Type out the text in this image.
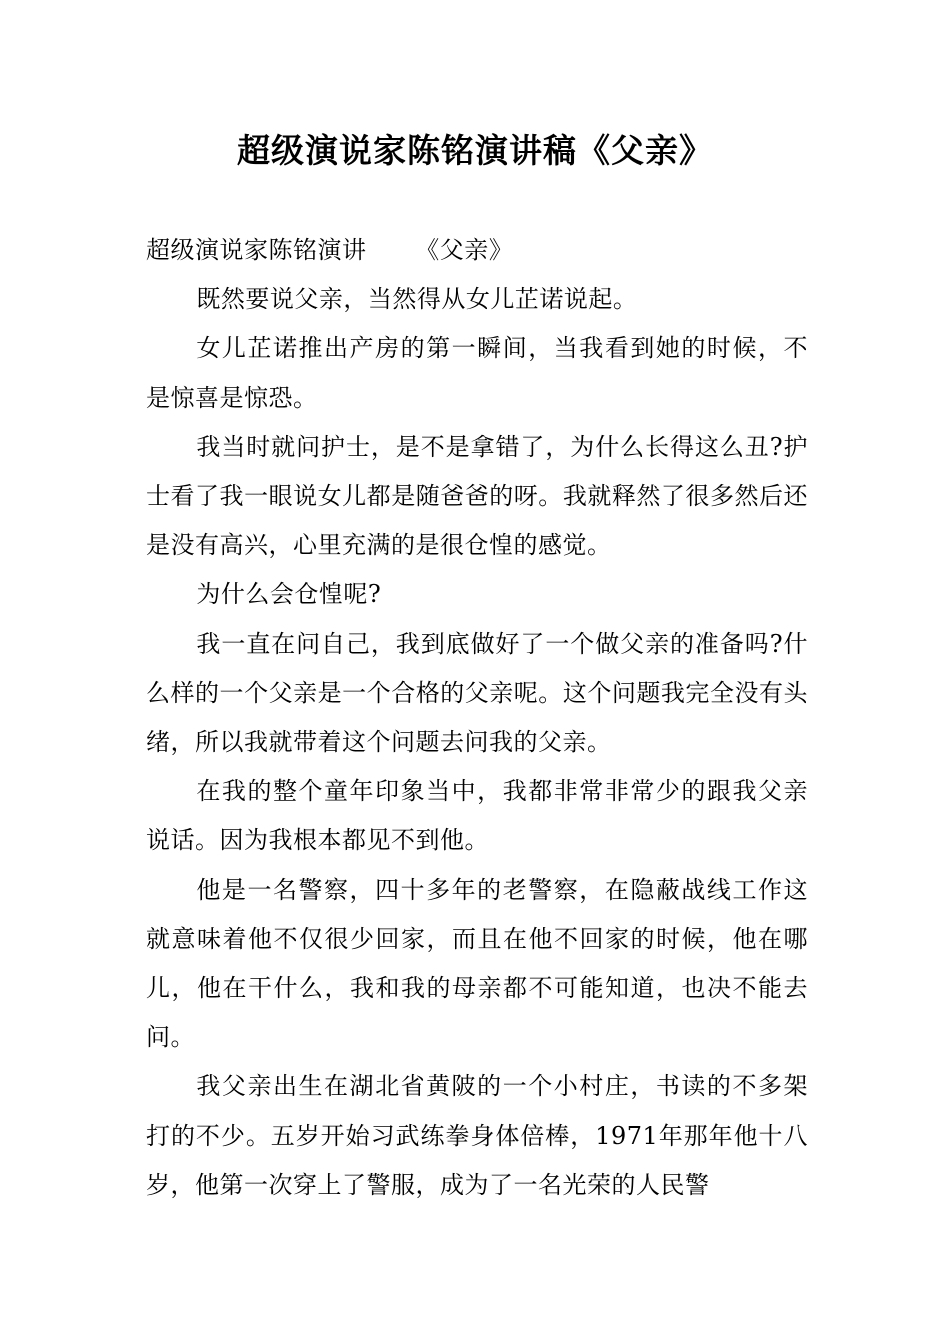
超级演说家陈铭演讲稿《父亲》

超级演说家陈铭演讲      《父亲》

既然要说父亲，当然得从女儿芷诺说起。

女儿芷诺推出产房的第一瞬间，当我看到她的时候，不是惊喜是惊恐。

我当时就问护士，是不是拿错了，为什么长得这么丑?护士看了我一眼说女儿都是随爸爸的呀。我就释然了很多然后还是没有高兴，心里充满的是很仓惶的感觉。

为什么会仓惶呢?

我一直在问自己，我到底做好了一个做父亲的准备吗?什么样的一个父亲是一个合格的父亲呢。这个问题我完全没有头绪，所以我就带着这个问题去问我的父亲。

在我的整个童年印象当中，我都非常非常少的跟我父亲说话。因为我根本都见不到他。

他是一名警察，四十多年的老警察，在隐蔽战线工作这就意味着他不仅很少回家，而且在他不回家的时候，他在哪儿，他在干什么，我和我的母亲都不可能知道，也决不能去问。

我父亲出生在湖北省黄陂的一个小村庄，书读的不多架打的不少。五岁开始习武练拳身体倍棒，1971年那年他十八岁，他第一次穿上了警服，成为了一名光荣的人民警
